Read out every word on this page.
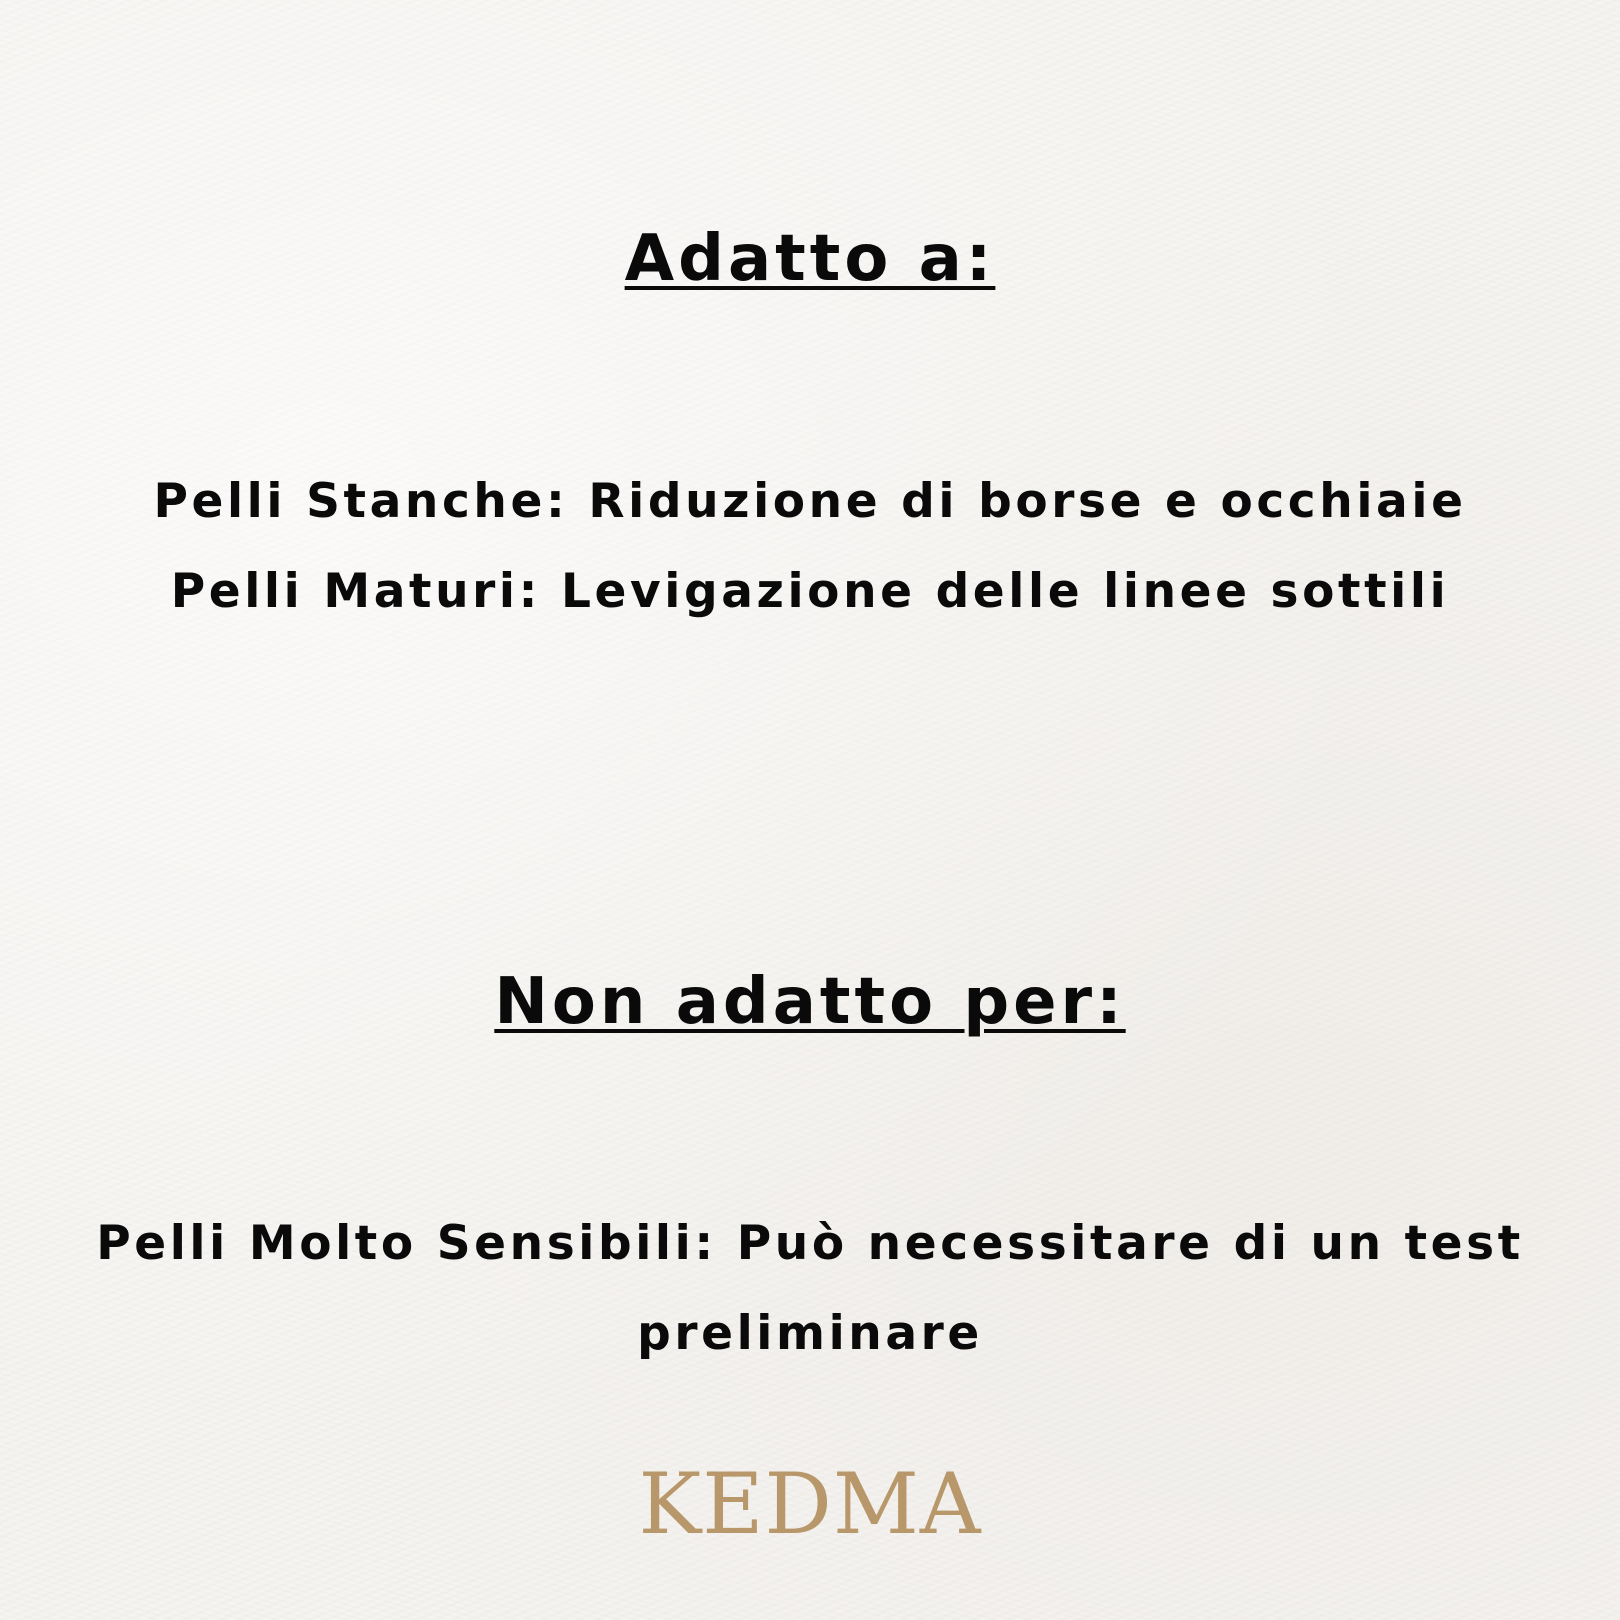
Adatto a:

Pelli Stanche: Riduzione di borse e occhiaie

Pelli Maturi: Levigazione delle linee sottili

Non adatto per:

Pelli Molto Sensibili: Può necessitare di un test

preliminare

KEDMA
